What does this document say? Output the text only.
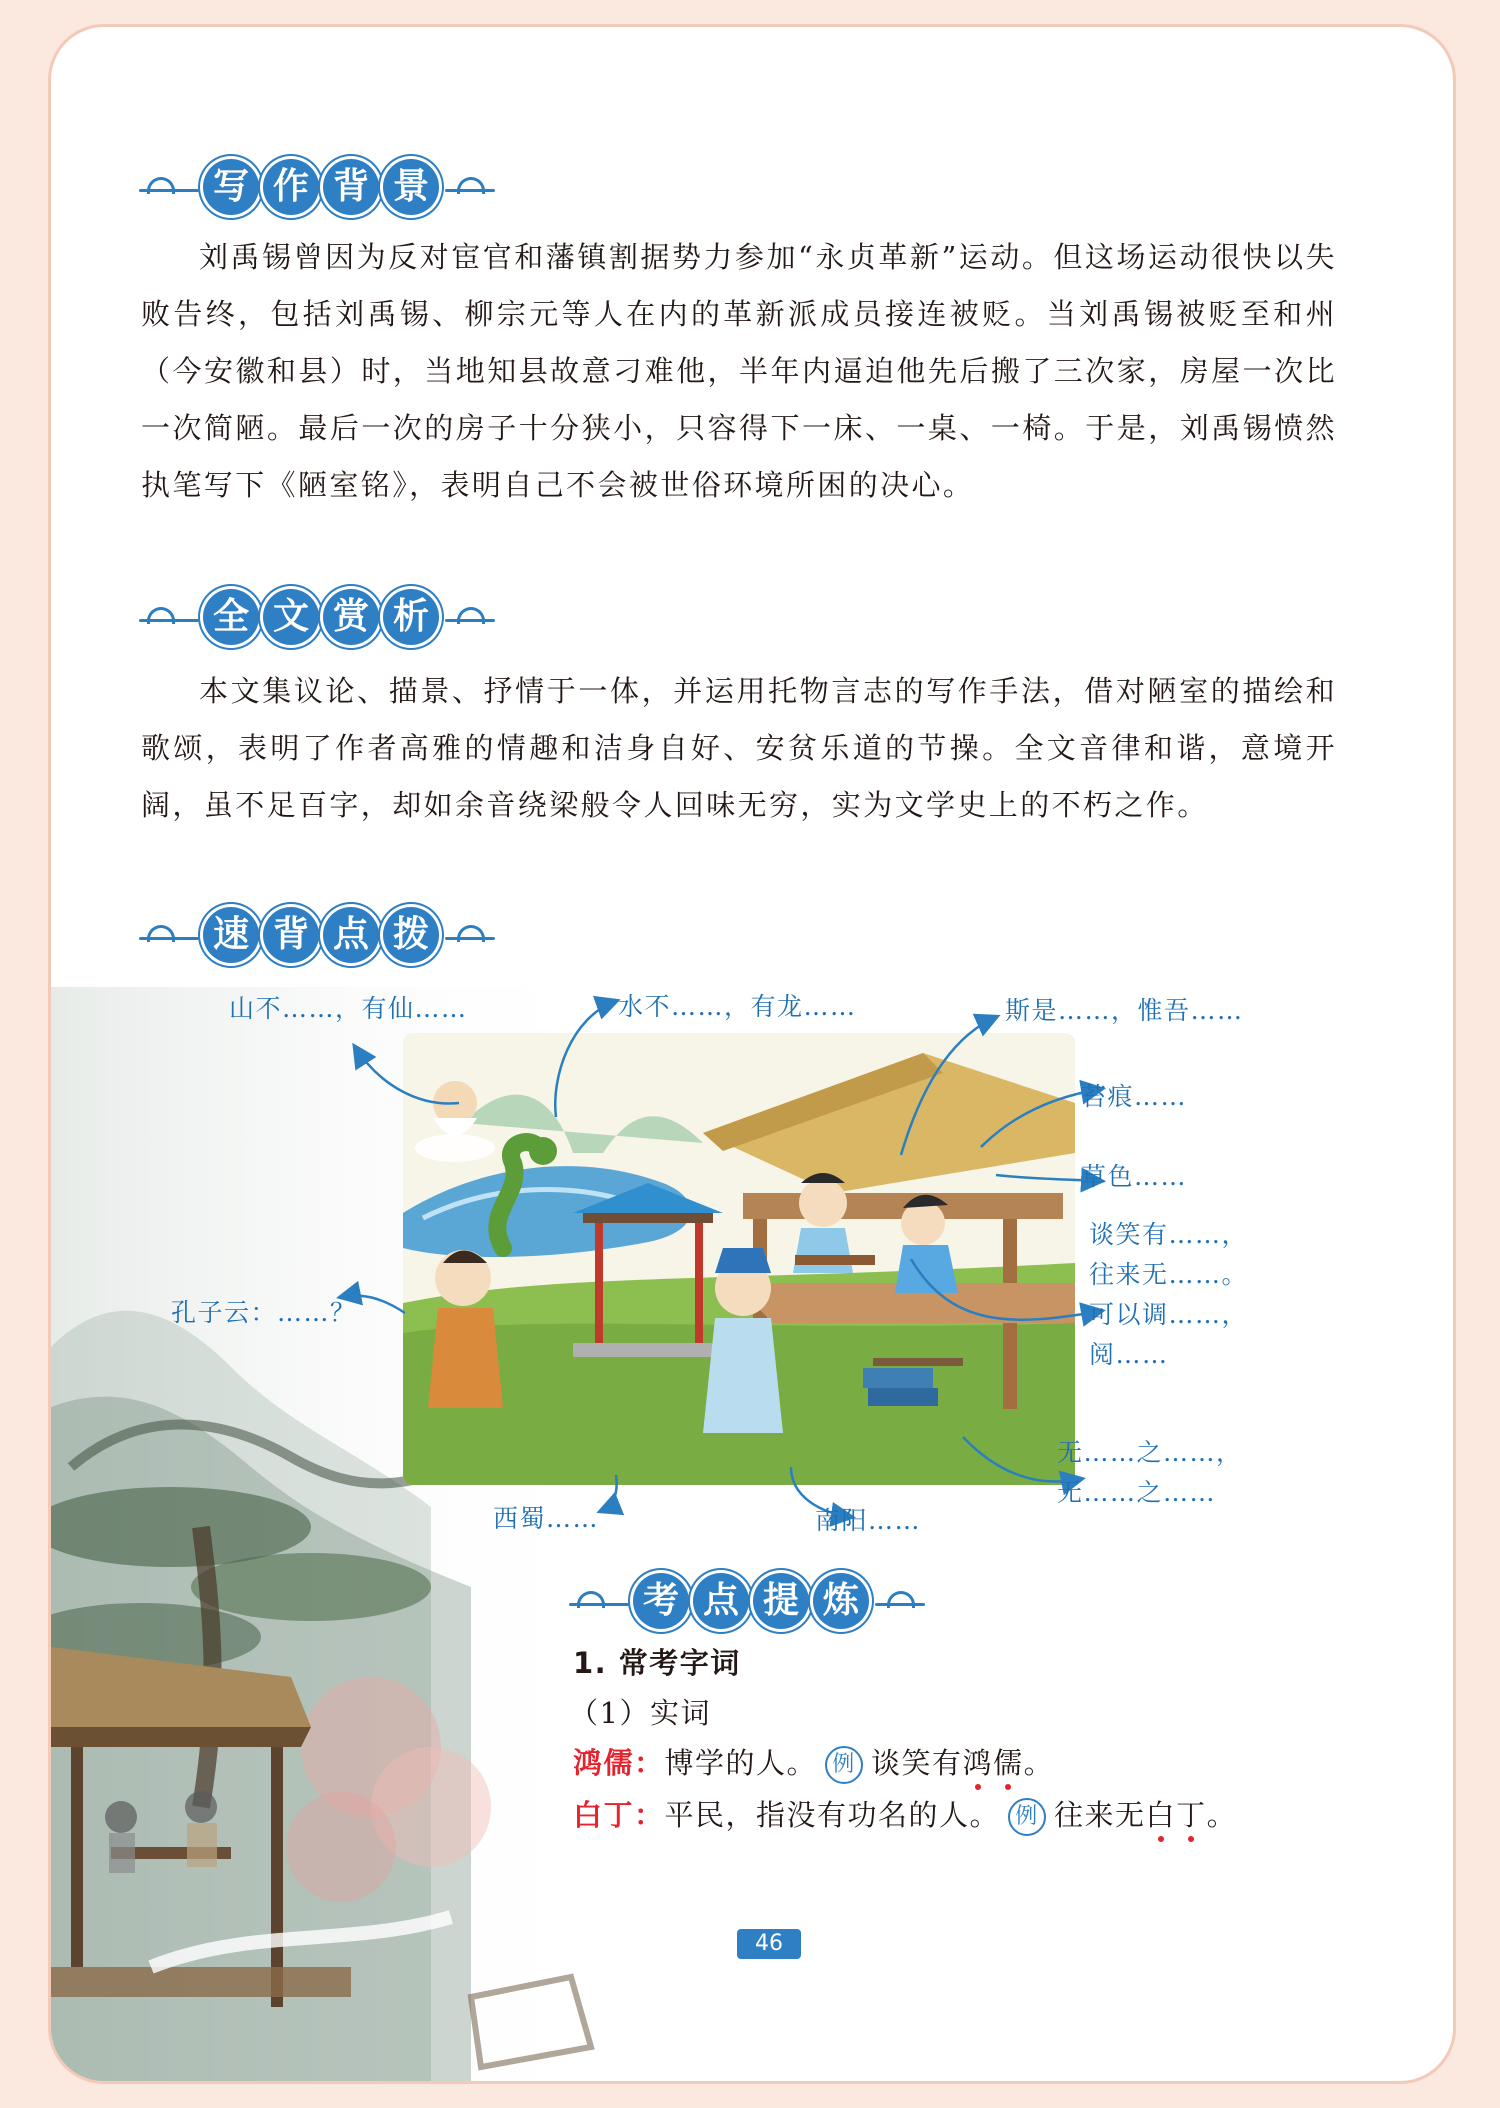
写 作 背 景

刘禹锡曾因为反对宦官和藩镇割据势力参加“永贞革新”运动。但这场运动很快以失败告终，包括刘禹锡、柳宗元等人在内的革新派成员接连被贬。当刘禹锡被贬至和州（今安徽和县）时，当地知县故意刁难他，半年内逼迫他先后搬了三次家，房屋一次比一次简陋。最后一次的房子十分狭小，只容得下一床、一桌、一椅。于是，刘禹锡愤然执笔写下《陋室铭》，表明自己不会被世俗环境所困的决心。

全 文 赏 析

本文集议论、描景、抒情于一体，并运用托物言志的写作手法，借对陋室的描绘和歌颂，表明了作者高雅的情趣和洁身自好、安贫乐道的节操。全文音律和谐，意境开阔，虽不足百字，却如余音绕梁般令人回味无穷，实为文学史上的不朽之作。

速 背 点 拨
山不……，有仙……	水不……，有龙……	斯是……，惟吾……
苔痕……
草色……
谈笑有……，
往来无……。
可以调……，
阅……
孔子云：……？
西蜀……	南阳……
无……之……，
无……之……
考 点 提 炼
1. 常考字词
（1）实词
鸿儒：博学的人。 例 谈笑有鸿儒。
白丁：平民，指没有功名的人。 例 往来无白丁。
46
